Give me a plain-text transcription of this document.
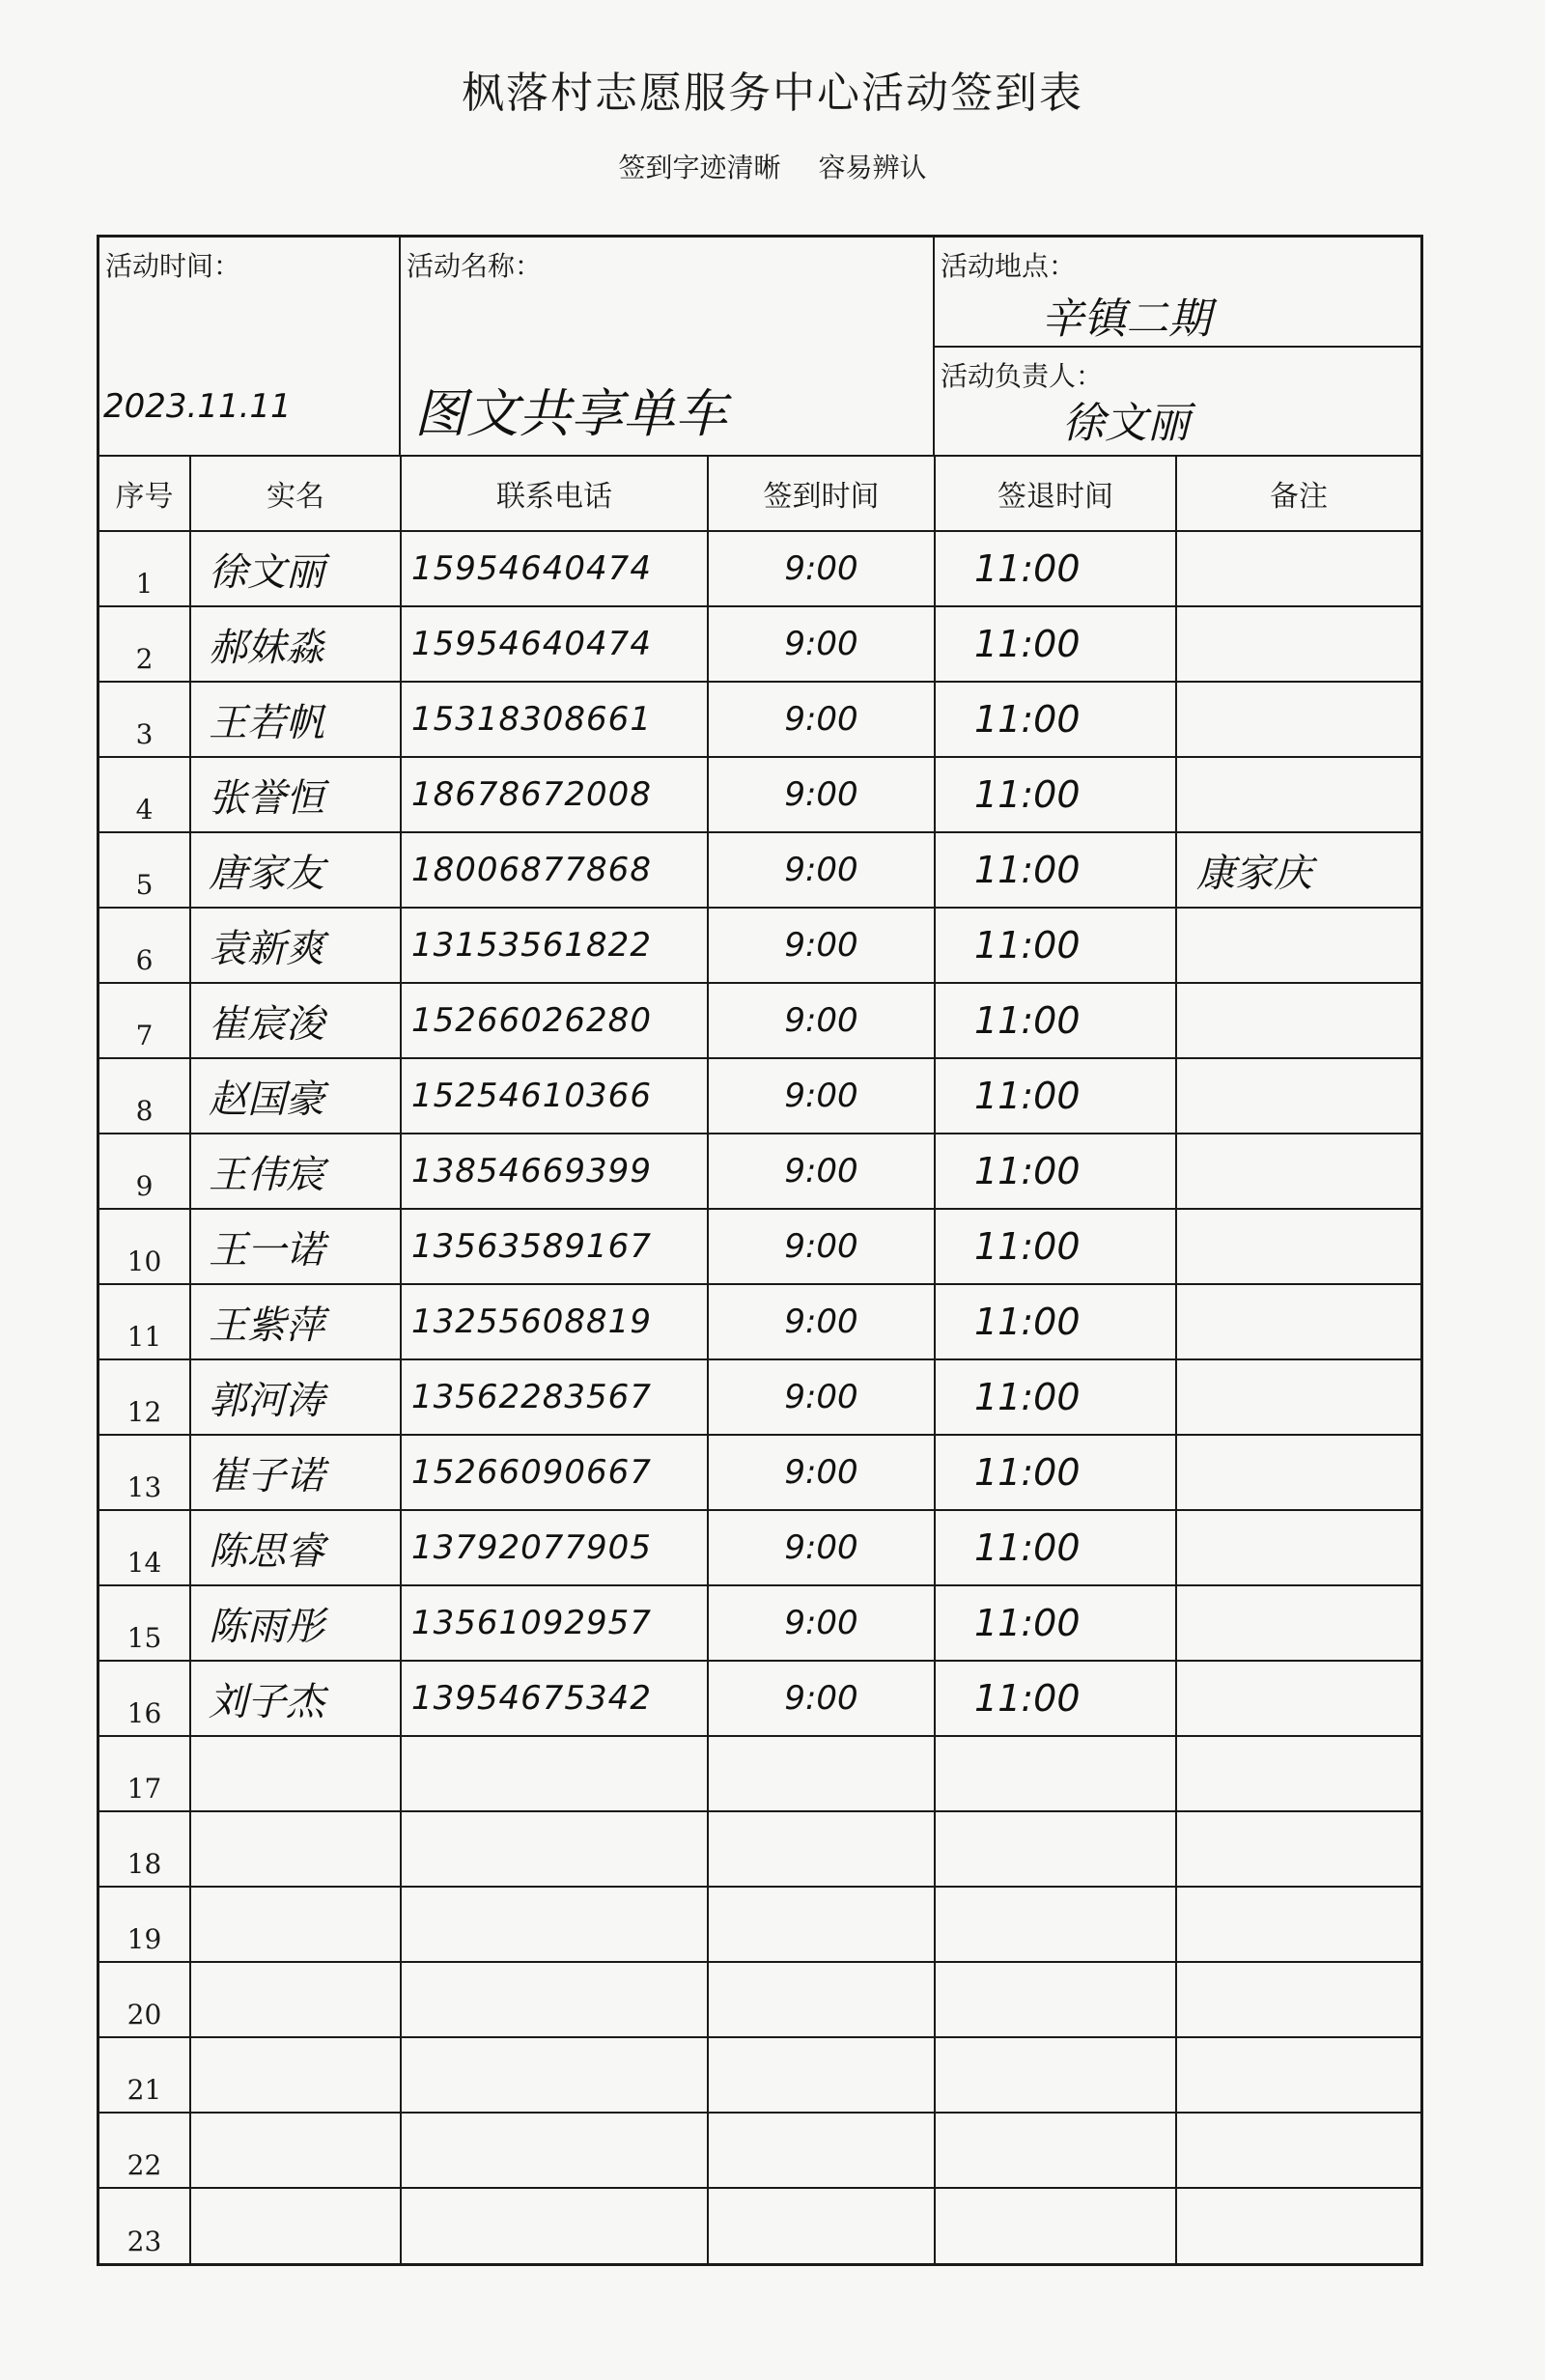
枫落村志愿服务中心活动签到表
签到字迹清晰 容易辨认
活动时间：
2023.11.11
活动名称：
图文共享单车
活动地点：
辛镇二期
活动负责人：
徐文丽
序号	实名	联系电话	签到时间	签退时间	备注
1	徐文丽	15954640474	9:00	11:00	
2	郝妹淼	15954640474	9:00	11:00	
3	王若帆	15318308661	9:00	11:00	
4	张誉恒	18678672008	9:00	11:00	
5	唐家友	18006877868	9:00	11:00	康家庆
6	袁新爽	13153561822	9:00	11:00	
7	崔宸浚	15266026280	9:00	11:00	
8	赵国豪	15254610366	9:00	11:00	
9	王伟宸	13854669399	9:00	11:00	
10	王一诺	13563589167	9:00	11:00	
11	王紫萍	13255608819	9:00	11:00	
12	郭河涛	13562283567	9:00	11:00	
13	崔子诺	15266090667	9:00	11:00	
14	陈思睿	13792077905	9:00	11:00	
15	陈雨彤	13561092957	9:00	11:00	
16	刘子杰	13954675342	9:00	11:00	
17					
18					
19					
20					
21					
22					
23					
